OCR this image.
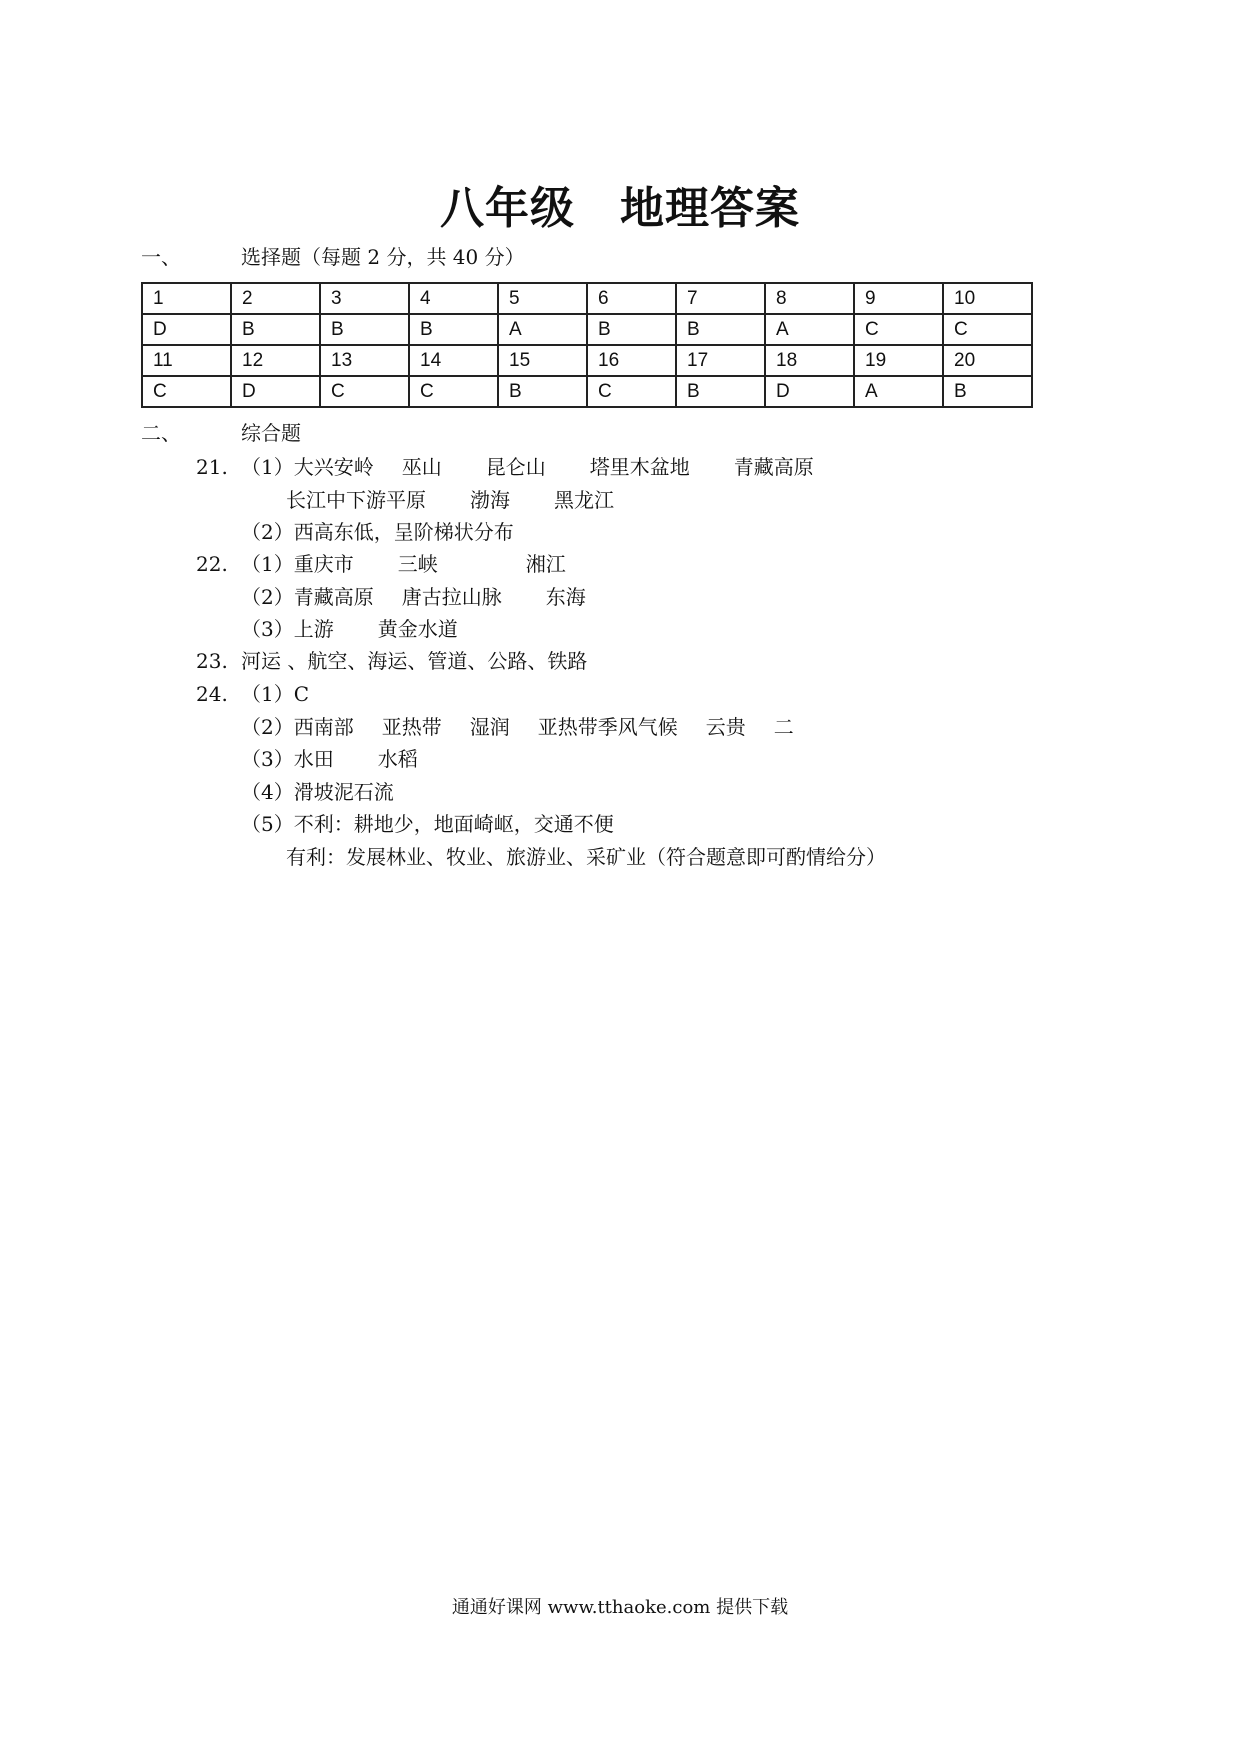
八年级　地理答案
一、	选择题（每题 2 分，共 40 分）
1	2	3	4	5	6	7	8	9	10
D	B	B	B	A	B	B	A	C	C
11	12	13	14	15	16	17	18	19	20
C	D	C	C	B	C	B	D	A	B
二、	综合题
21. （1）大兴安岭 巫山 昆仑山 塔里木盆地 青藏高原
长江中下游平原 渤海 黑龙江
（2）西高东低，呈阶梯状分布
22. （1）重庆市 三峡	湘江
（2）青藏高原 唐古拉山脉 东海
（3）上游 黄金水道
23. 河运 、航空、海运、管道、公路、铁路
24. （1）C
（2）西南部 亚热带 湿润 亚热带季风气候 云贵 二
（3）水田 水稻
（4）滑坡泥石流
（5）不利：耕地少，地面崎岖，交通不便
有利：发展林业、牧业、旅游业、采矿业（符合题意即可酌情给分）
通通好课网 www.tthaoke.com 提供下载
